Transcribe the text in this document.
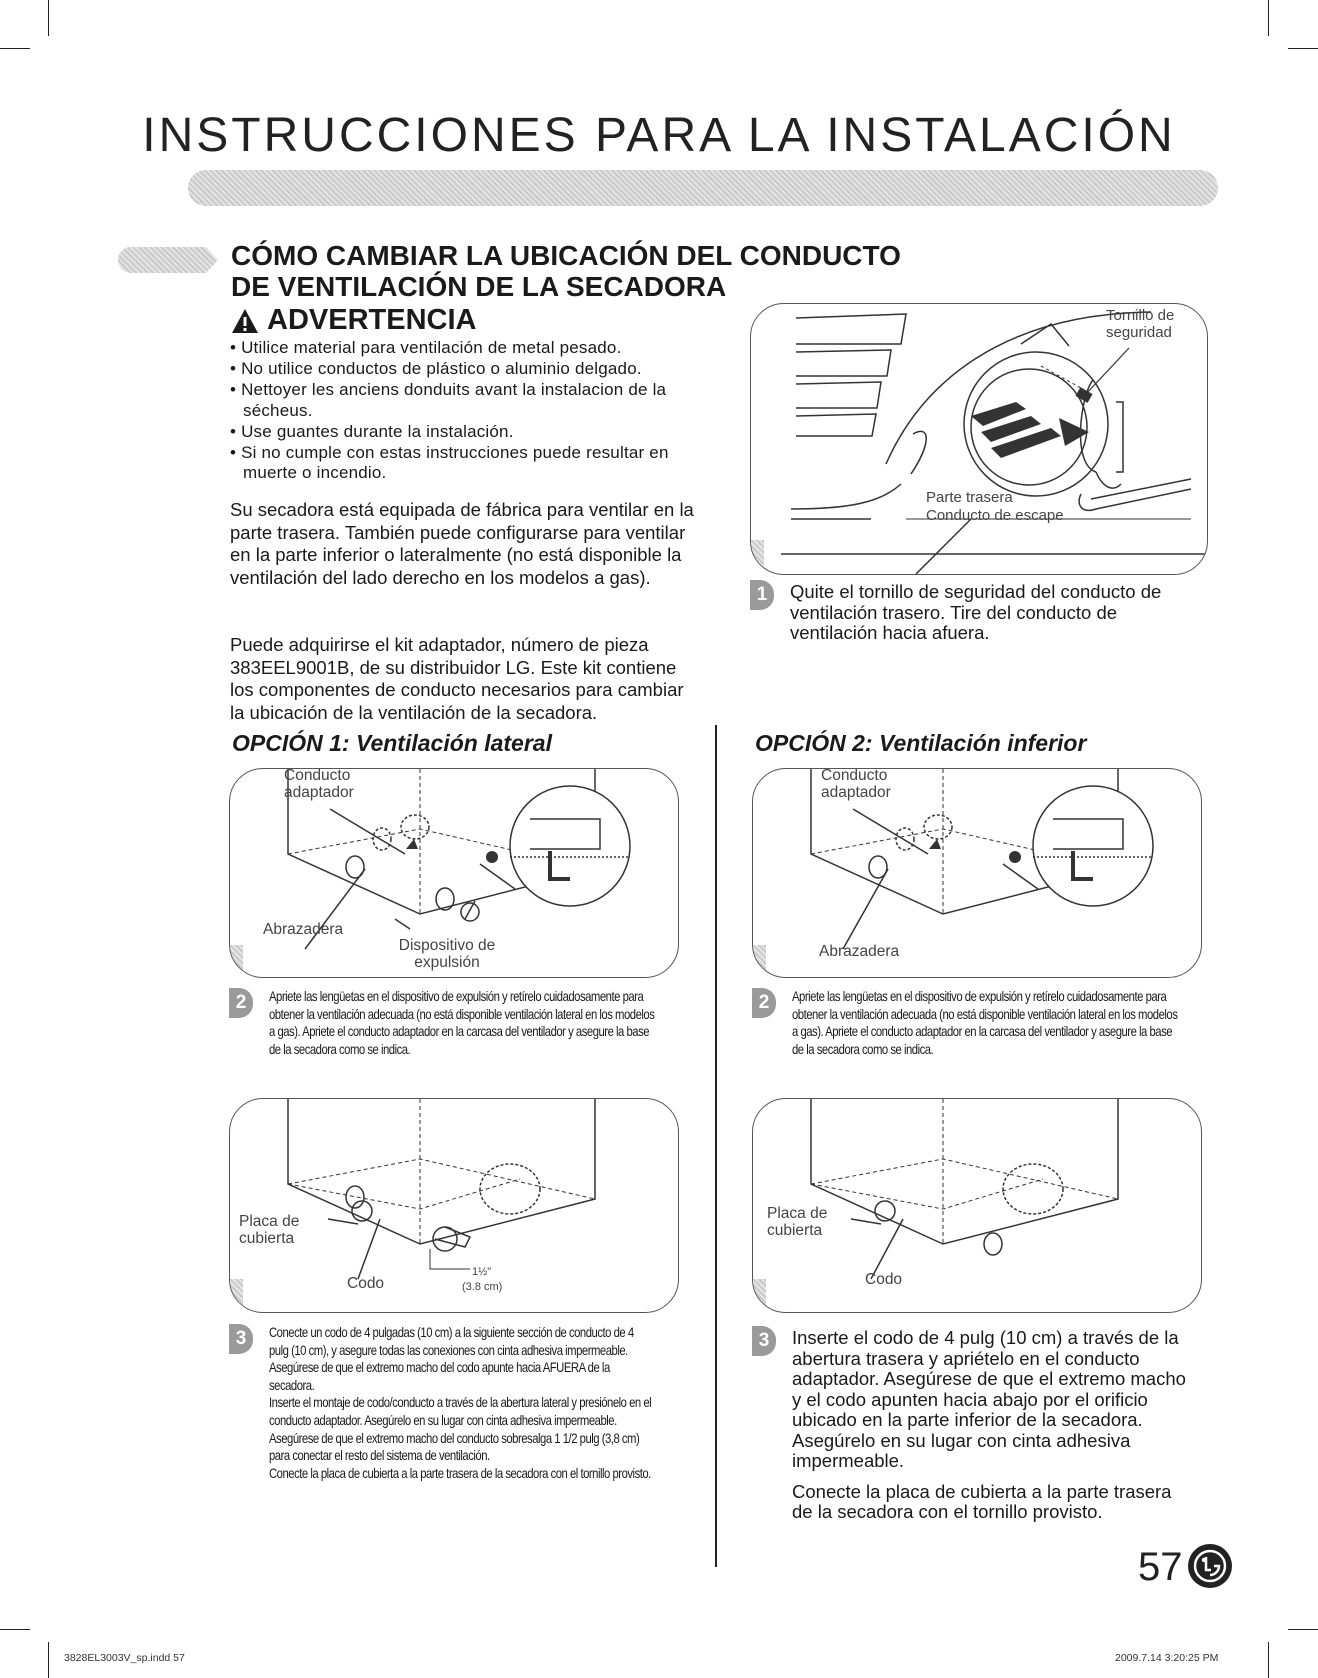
INSTRUCCIONES PARA LA INSTALACIÓN
CÓMO CAMBIAR LA UBICACIÓN DEL CONDUCTO
DE VENTILACIÓN DE LA SECADORA
ADVERTENCIA
• Utilice material para ventilación de metal pesado.
• No utilice conductos de plástico o aluminio delgado.
• Nettoyer les anciens donduits avant la instalacion de la sécheus.
• Use guantes durante la instalación.
• Si no cumple con estas instrucciones puede resultar en muerte o incendio.

Su secadora está equipada de fábrica para ventilar en la parte trasera. También puede configurarse para ventilar en la parte inferior o lateralmente (no está disponible la ventilación del lado derecho en los modelos a gas).

Puede adquirirse el kit adaptador, número de pieza 383EEL9001B, de su distribuidor LG. Este kit contiene los componentes de conducto necesarios para cambiar la ubicación de la ventilación de la secadora.

Tornillo de seguridad
Parte trasera
Conducto de escape
1	Quite el tornillo de seguridad del conducto de ventilación trasero. Tire del conducto de ventilación hacia afuera.
OPCIÓN 1: Ventilación lateral
Conducto adaptador
Abrazadera
Dispositivo de expulsión
2	Apriete las lengüetas en el dispositivo de expulsión y retírelo cuidadosamente para obtener la ventilación adecuada (no está disponible ventilación lateral en los modelos a gas). Apriete el conducto adaptador en la carcasa del ventilador y asegure la base de la secadora como se indica.
Placa de cubierta
Codo
1½"
(3.8 cm)
3	Conecte un codo de 4 pulgadas (10 cm) a la siguiente sección de conducto de 4 pulg (10 cm), y asegure todas las conexiones con cinta adhesiva impermeable. Asegúrese de que el extremo macho del codo apunte hacia AFUERA de la secadora.
Inserte el montaje de codo/conducto a través de la abertura lateral y presiónelo en el conducto adaptador. Asegúrelo en su lugar con cinta adhesiva impermeable.
Asegúrese de que el extremo macho del conducto sobresalga 1 1/2 pulg (3,8 cm) para conectar el resto del sistema de ventilación.
Conecte la placa de cubierta a la parte trasera de la secadora con el tornillo provisto.
OPCIÓN 2: Ventilación inferior
Conducto adaptador
Abrazadera
2	Apriete las lengüetas en el dispositivo de expulsión y retírelo cuidadosamente para obtener la ventilación adecuada (no está disponible ventilación lateral en los modelos a gas). Apriete el conducto adaptador en la carcasa del ventilador y asegure la base de la secadora como se indica.
Placa de cubierta
Codo
3	Inserte el codo de 4 pulg (10 cm) a través de la abertura trasera y apriételo en el conducto adaptador. Asegúrese de que el extremo macho y el codo apunten hacia abajo por el orificio ubicado en la parte inferior de la secadora. Asegúrelo en su lugar con cinta adhesiva impermeable.
Conecte la placa de cubierta a la parte trasera de la secadora con el tornillo provisto.
57
3828EL3003V_sp.indd 57	2009.7.14 3:20:25 PM
